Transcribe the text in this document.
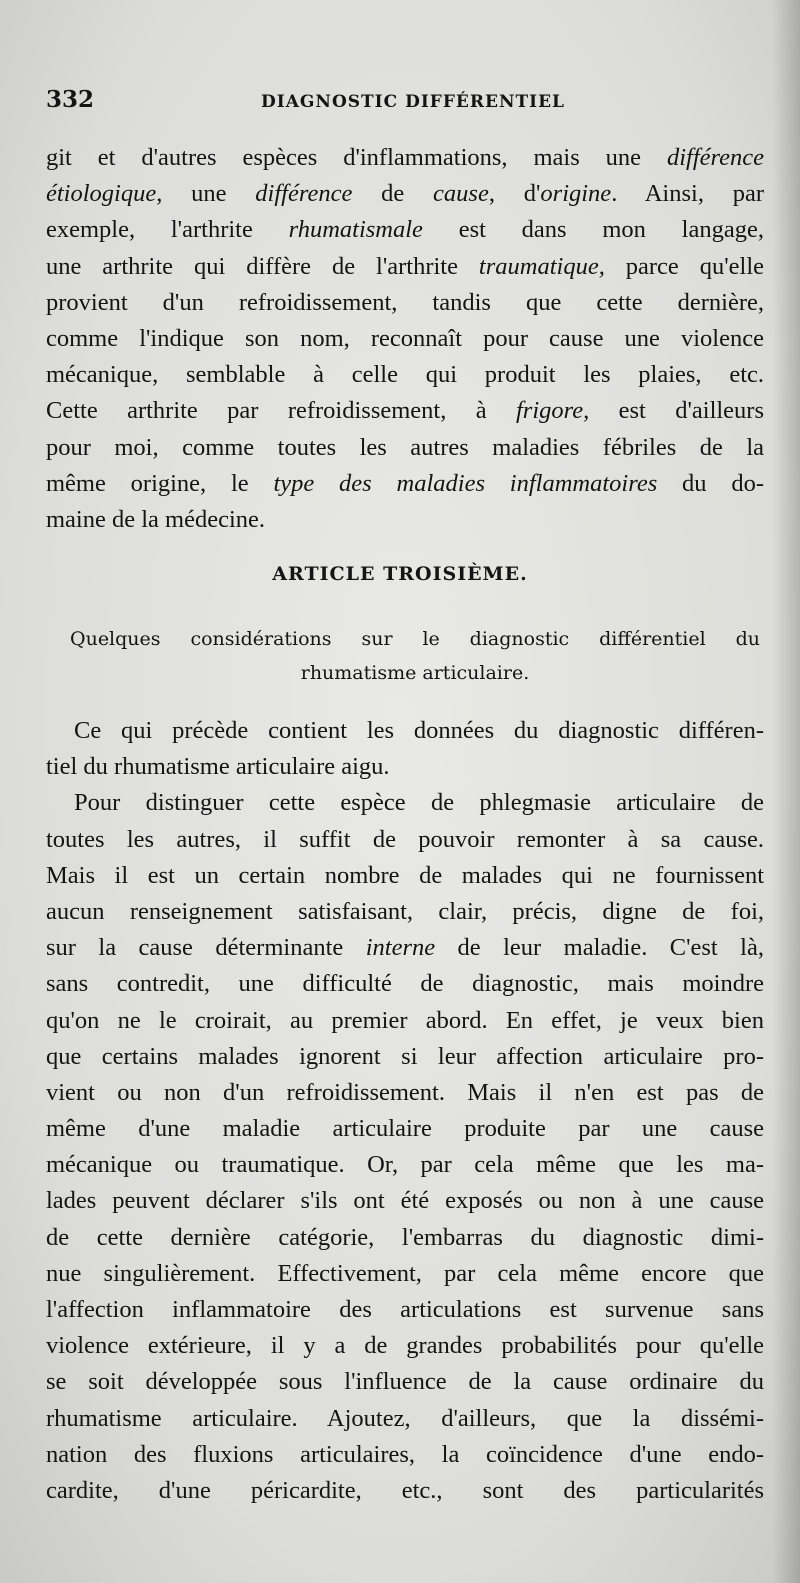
332	DIAGNOSTIC DIFFÉRENTIEL
git et d'autres espèces d'inflammations, mais une différence
étiologique, une différence de cause, d'origine. Ainsi, par
exemple, l'arthrite rhumatismale est dans mon langage,
une arthrite qui diffère de l'arthrite traumatique, parce qu'elle
provient d'un refroidissement, tandis que cette dernière,
comme l'indique son nom, reconnaît pour cause une violence
mécanique, semblable à celle qui produit les plaies, etc.
Cette arthrite par refroidissement, à frigore, est d'ailleurs
pour moi, comme toutes les autres maladies fébriles de la
même origine, le type des maladies inflammatoires du do-
maine de la médecine.
ARTICLE TROISIÈME.
Quelques considérations sur le diagnostic différentiel du
rhumatisme articulaire.
Ce qui précède contient les données du diagnostic différen-
tiel du rhumatisme articulaire aigu.
Pour distinguer cette espèce de phlegmasie articulaire de
toutes les autres, il suffit de pouvoir remonter à sa cause.
Mais il est un certain nombre de malades qui ne fournissent
aucun renseignement satisfaisant, clair, précis, digne de foi,
sur la cause déterminante interne de leur maladie. C'est là,
sans contredit, une difficulté de diagnostic, mais moindre
qu'on ne le croirait, au premier abord. En effet, je veux bien
que certains malades ignorent si leur affection articulaire pro-
vient ou non d'un refroidissement. Mais il n'en est pas de
même d'une maladie articulaire produite par une cause
mécanique ou traumatique. Or, par cela même que les ma-
lades peuvent déclarer s'ils ont été exposés ou non à une cause
de cette dernière catégorie, l'embarras du diagnostic dimi-
nue singulièrement. Effectivement, par cela même encore que
l'affection inflammatoire des articulations est survenue sans
violence extérieure, il y a de grandes probabilités pour qu'elle
se soit développée sous l'influence de la cause ordinaire du
rhumatisme articulaire. Ajoutez, d'ailleurs, que la dissémi-
nation des fluxions articulaires, la coïncidence d'une endo-
cardite, d'une péricardite, etc., sont des particularités
